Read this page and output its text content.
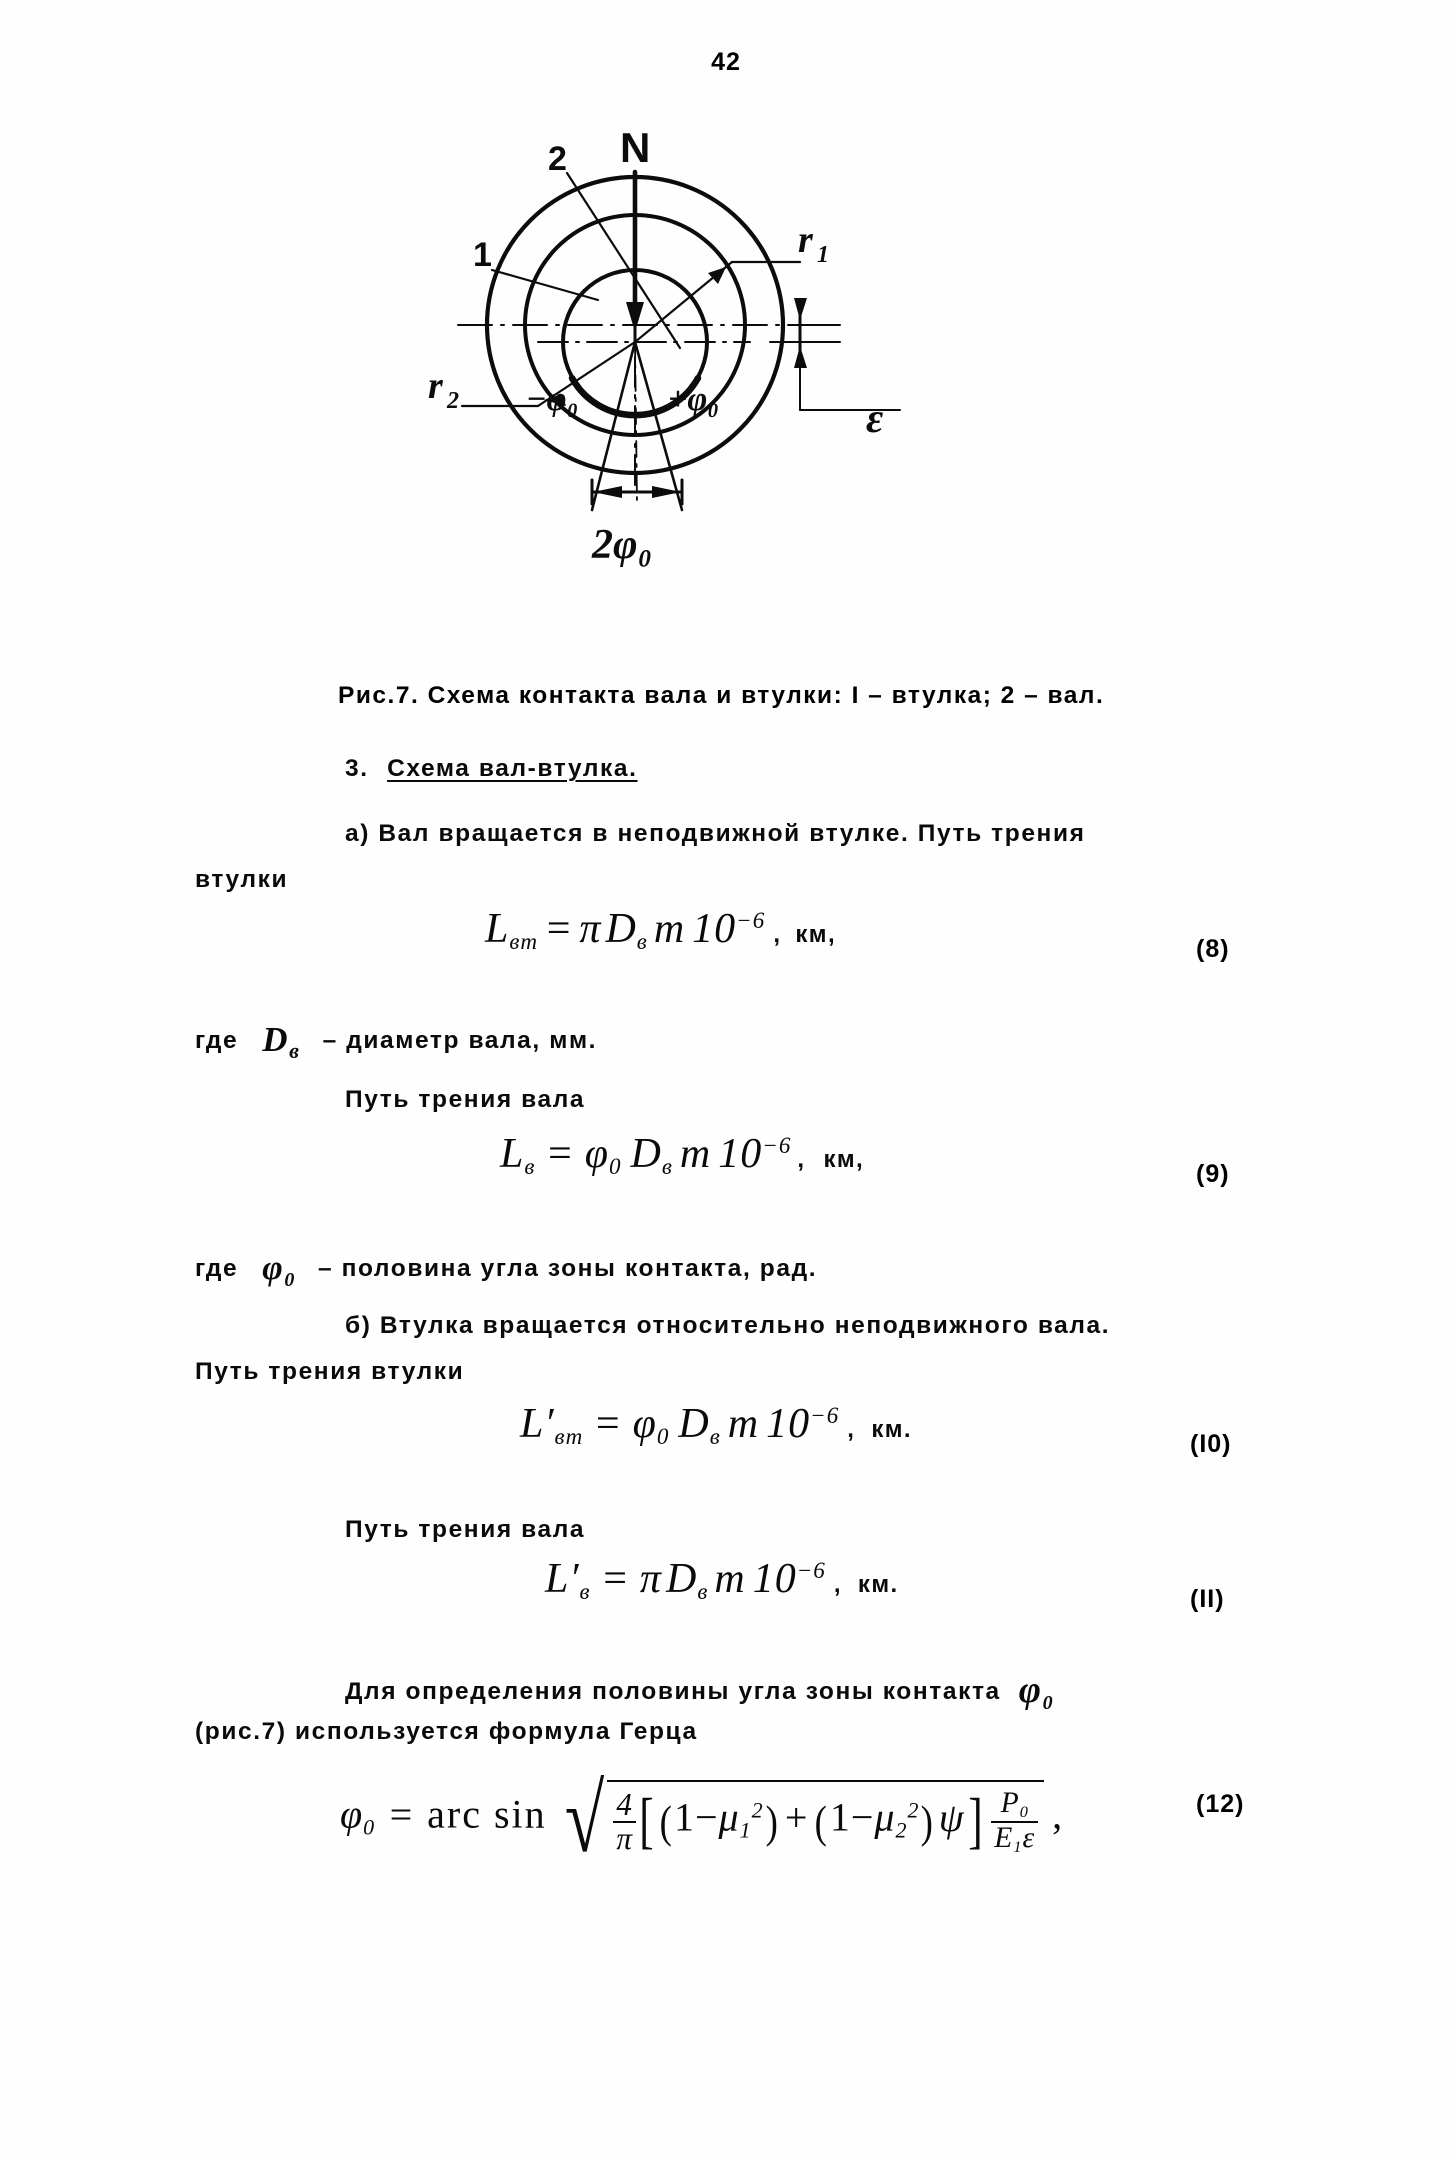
42
N
2
1	r 1
r 2	ε
−φ₀	+φ₀
2φ₀
Рис.7. Схема контакта вала и втулки: I – втулка; 2 – вал.
3. Схема вал-втулка.
а) Вал вращается в неподвижной втулке. Путь трения
втулки
$L_{вт} = \pi D_в$ m $10^{-6}$, км,
(8)
где Dв – диаметр вала, мм.
Путь трения вала
$L_в = \varphi_0$ $D_в$ m $10^{-6}$, км,
(9)
где $\varphi_0$ – половина угла зоны контакта, рад.
б) Втулка вращается относительно неподвижного вала.
Путь трения втулки
$L'_{вт} = \varphi_0$ $D_в$ m $10^{-6}$, км.
(I0)
Путь трения вала
$L'_в = \pi D_в$ m $10^{-6}$, км.
(II)
Для определения половины угла зоны контакта $\varphi_0$
(рис.7) используется формула Герца
$\varphi_0$ = arc sin √ $\frac{4}{\pi}$ [ $(1-\mu_1^2) + (1-\mu_2^2)$ $\psi] \frac{P_0}{E_1\varepsilon}$ ,	(12)
